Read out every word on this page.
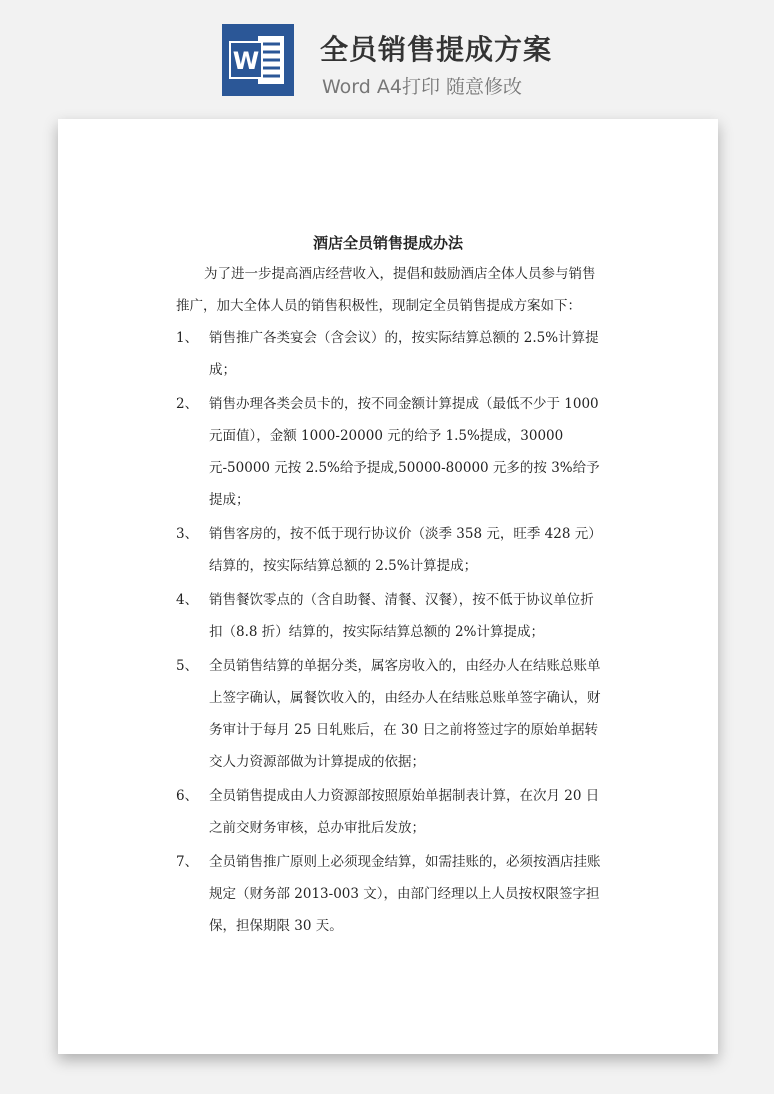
W 全员销售提成方案
Word A4打印 随意修改
酒店全员销售提成办法
为了进一步提高酒店经营收入，提倡和鼓励酒店全体人员参与销售推广，加大全体人员的销售积极性，现制定全员销售提成方案如下：
1、 销售推广各类宴会（含会议）的，按实际结算总额的 2.5%计算提成；
2、 销售办理各类会员卡的，按不同金额计算提成（最低不少于 1000 元面值），金额 1000-20000 元的给予 1.5%提成，30000 元-50000 元按 2.5%给予提成,50000-80000 元多的按 3%给予提成；
3、 销售客房的，按不低于现行协议价（淡季 358 元，旺季 428 元）结算的，按实际结算总额的 2.5%计算提成；
4、 销售餐饮零点的（含自助餐、清餐、汉餐），按不低于协议单位折扣（8.8 折）结算的，按实际结算总额的 2%计算提成；
5、 全员销售结算的单据分类，属客房收入的，由经办人在结账总账单上签字确认，属餐饮收入的，由经办人在结账总账单签字确认，财务审计于每月 25 日轧账后，在 30 日之前将签过字的原始单据转交人力资源部做为计算提成的依据；
6、 全员销售提成由人力资源部按照原始单据制表计算，在次月 20 日之前交财务审核，总办审批后发放；
7、 全员销售推广原则上必须现金结算，如需挂账的，必须按酒店挂账规定（财务部 2013-003 文），由部门经理以上人员按权限签字担保，担保期限 30 天。
